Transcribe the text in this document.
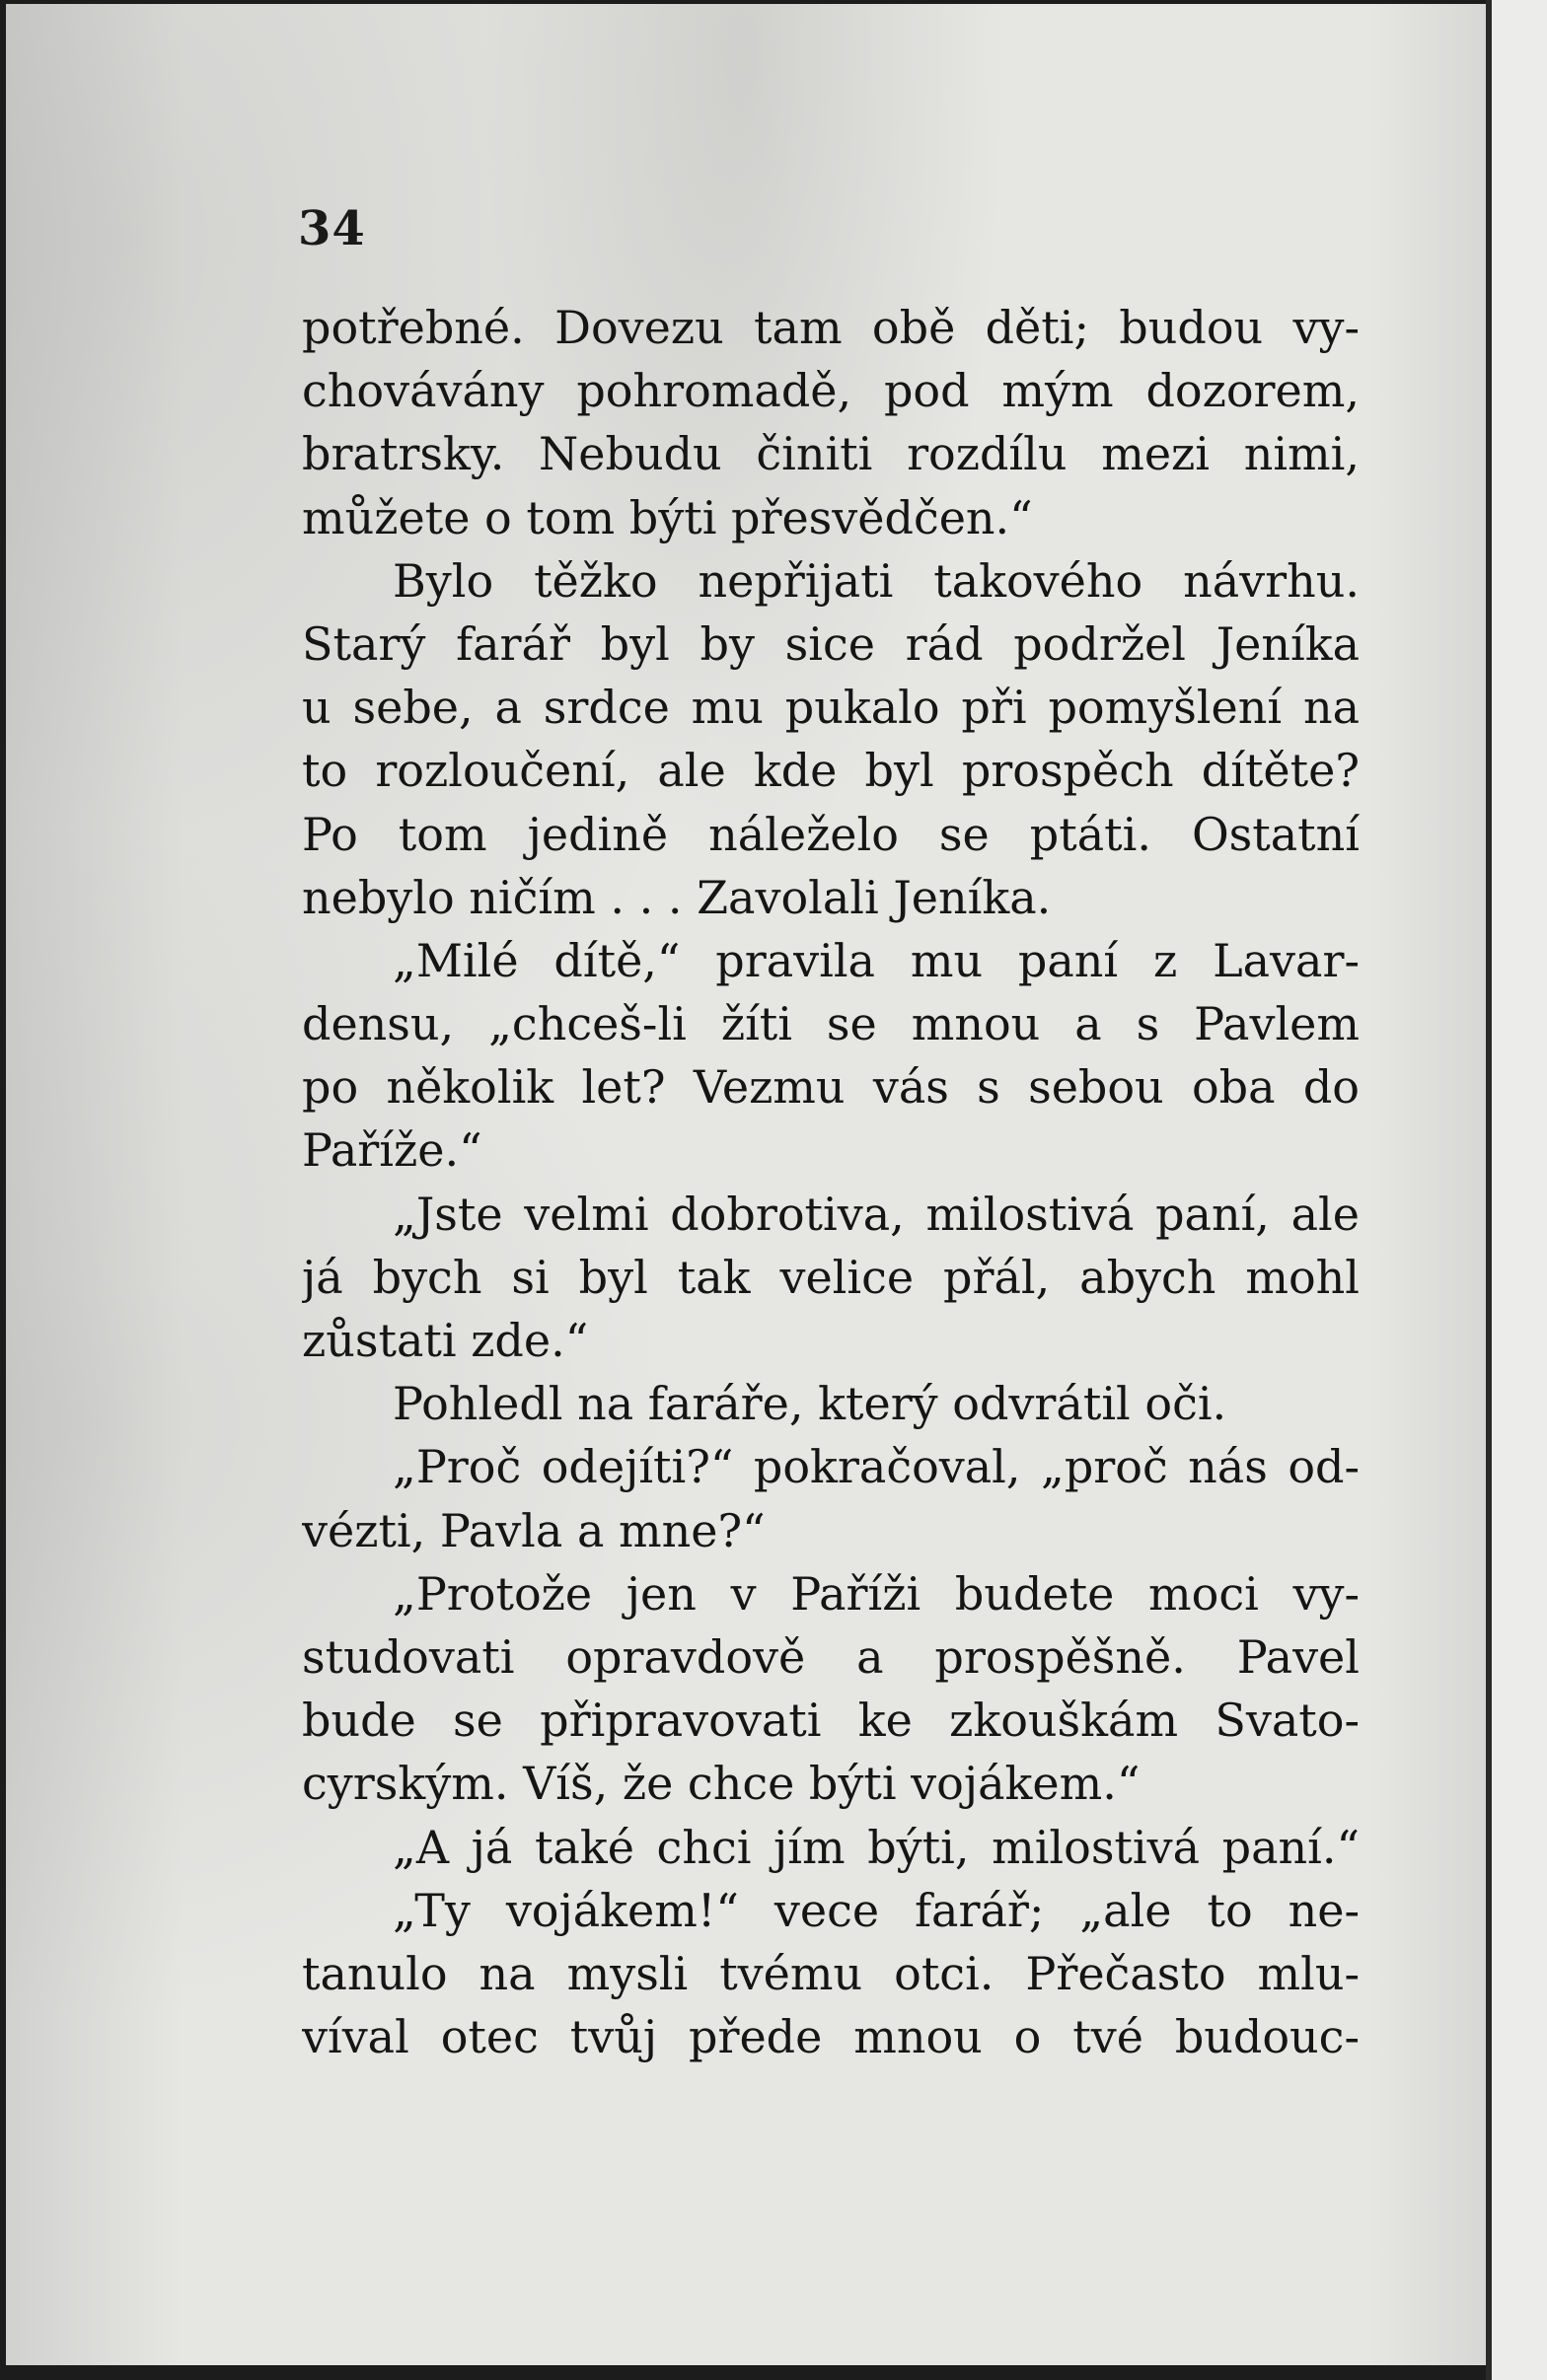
34
potřebné. Dovezu tam obě děti; budou vy-
chovávány pohromadě, pod mým dozorem,
bratrsky. Nebudu činiti rozdílu mezi nimi,
můžete o tom býti přesvědčen.“
Bylo těžko nepřijati takového návrhu.
Starý farář byl by sice rád podržel Jeníka
u sebe, a srdce mu pukalo při pomyšlení na
to rozloučení, ale kde byl prospěch dítěte?
Po tom jedině náleželo se ptáti. Ostatní
nebylo ničím . . . Zavolali Jeníka.
„Milé dítě,“ pravila mu paní z Lavar-
densu, „chceš-li žíti se mnou a s Pavlem
po několik let? Vezmu vás s sebou oba do
Paříže.“
„Jste velmi dobrotiva, milostivá paní, ale
já bych si byl tak velice přál, abych mohl
zůstati zde.“
Pohledl na faráře, který odvrátil oči.
„Proč odejíti?“ pokračoval, „proč nás od-
vézti, Pavla a mne?“
„Protože jen v Paříži budete moci vy-
studovati opravdově a prospěšně. Pavel
bude se připravovati ke zkouškám Svato-
cyrským. Víš, že chce býti vojákem.“
„A já také chci jím býti, milostivá paní.“
„Ty vojákem!“ vece farář; „ale to ne-
tanulo na mysli tvému otci. Přečasto mlu-
víval otec tvůj přede mnou o tvé budouc-
